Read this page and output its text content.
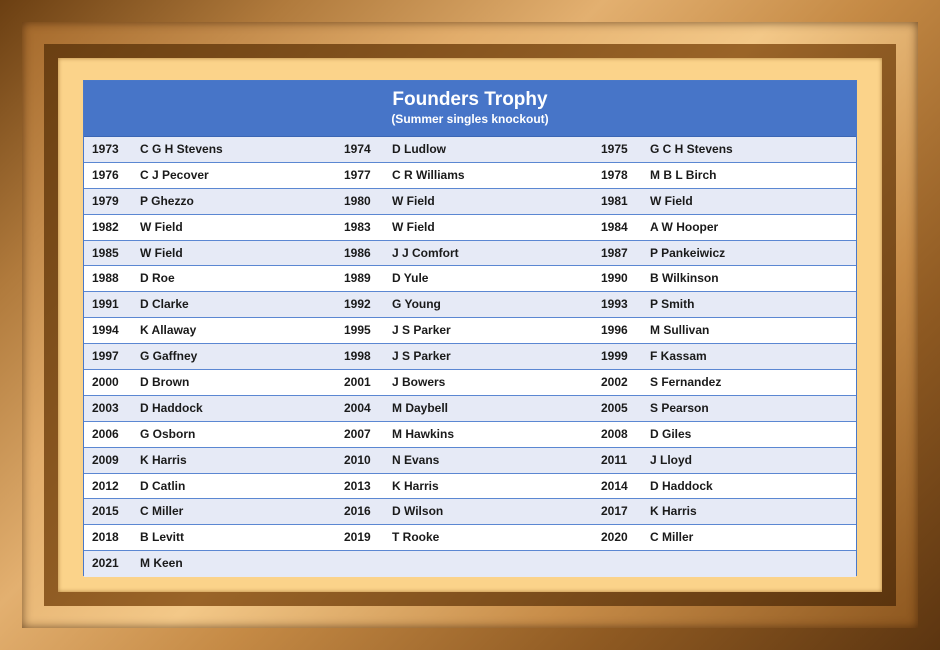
Founders Trophy
(Summer singles knockout)
1973 C G H Stevens	1974 D Ludlow	1975 G C H Stevens
1976 C J Pecover	1977 C R Williams	1978 M B L Birch
1979 P Ghezzo	1980 W Field	1981 W Field
1982 W Field	1983 W Field	1984 A W Hooper
1985 W Field	1986 J J Comfort	1987 P Pankeiwicz
1988 D Roe	1989 D Yule	1990 B Wilkinson
1991 D Clarke	1992 G Young	1993 P Smith
1994 K Allaway	1995 J S Parker	1996 M Sullivan
1997 G Gaffney	1998 J S Parker	1999 F Kassam
2000 D Brown	2001 J Bowers	2002 S Fernandez
2003 D Haddock	2004 M Daybell	2005 S Pearson
2006 G Osborn	2007 M Hawkins	2008 D Giles
2009 K Harris	2010 N Evans	2011 J Lloyd
2012 D Catlin	2013 K Harris	2014 D Haddock
2015 C Miller	2016 D Wilson	2017 K Harris
2018 B Levitt	2019 T Rooke	2020 C Miller
2021 M Keen
